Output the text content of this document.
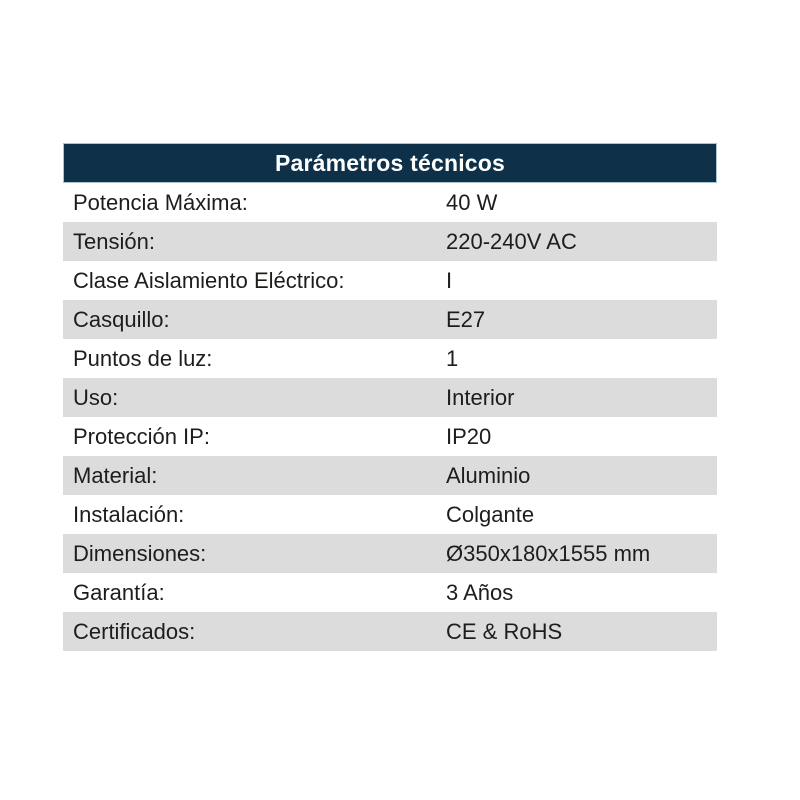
Parámetros técnicos
Potencia Máxima:	40 W
Tensión:	220-240V AC
Clase Aislamiento Eléctrico:	I
Casquillo:	E27
Puntos de luz:	1
Uso:	Interior
Protección IP:	IP20
Material:	Aluminio
Instalación:	Colgante
Dimensiones:	Ø350x180x1555 mm
Garantía:	3 Años
Certificados:	CE & RoHS
